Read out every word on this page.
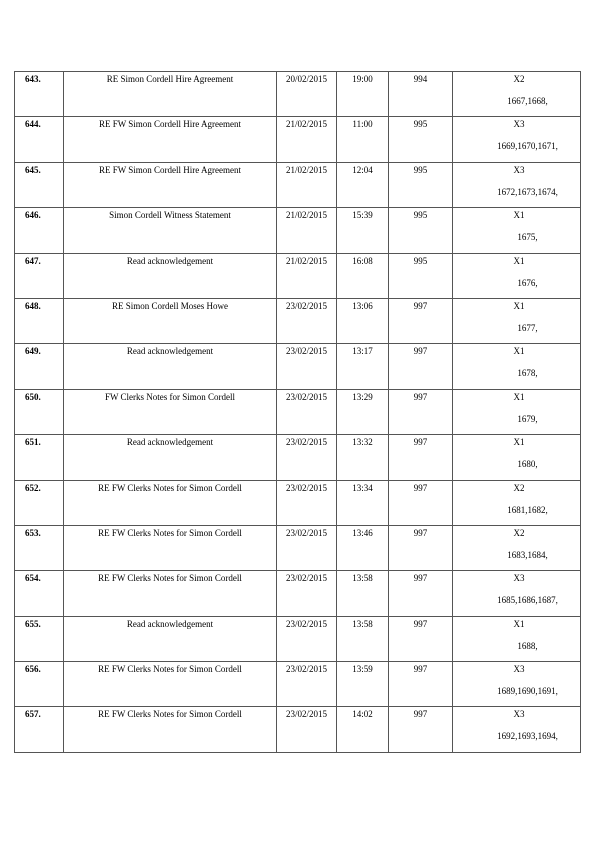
643.	RE Simon Cordell Hire Agreement	20/02/2015	19:00	994	X2
1667,1668,

644.	RE FW Simon Cordell Hire Agreement	21/02/2015	11:00	995	X3
1669,1670,1671,

645.	RE FW Simon Cordell Hire Agreement	21/02/2015	12:04	995	X3
1672,1673,1674,

646.	Simon Cordell Witness Statement	21/02/2015	15:39	995	X1
1675,

647.	Read acknowledgement	21/02/2015	16:08	995	X1
1676,

648.	RE Simon Cordell Moses Howe	23/02/2015	13:06	997	X1
1677,

649.	Read acknowledgement	23/02/2015	13:17	997	X1
1678,

650.	FW Clerks Notes for Simon Cordell	23/02/2015	13:29	997	X1
1679,

651.	Read acknowledgement	23/02/2015	13:32	997	X1
1680,

652.	RE FW Clerks Notes for Simon Cordell	23/02/2015	13:34	997	X2
1681,1682,

653.	RE FW Clerks Notes for Simon Cordell	23/02/2015	13:46	997	X2
1683,1684,

654.	RE FW Clerks Notes for Simon Cordell	23/02/2015	13:58	997	X3
1685,1686,1687,

655.	Read acknowledgement	23/02/2015	13:58	997	X1
1688,

656.	RE FW Clerks Notes for Simon Cordell	23/02/2015	13:59	997	X3
1689,1690,1691,

657.	RE FW Clerks Notes for Simon Cordell	23/02/2015	14:02	997	X3
1692,1693,1694,
